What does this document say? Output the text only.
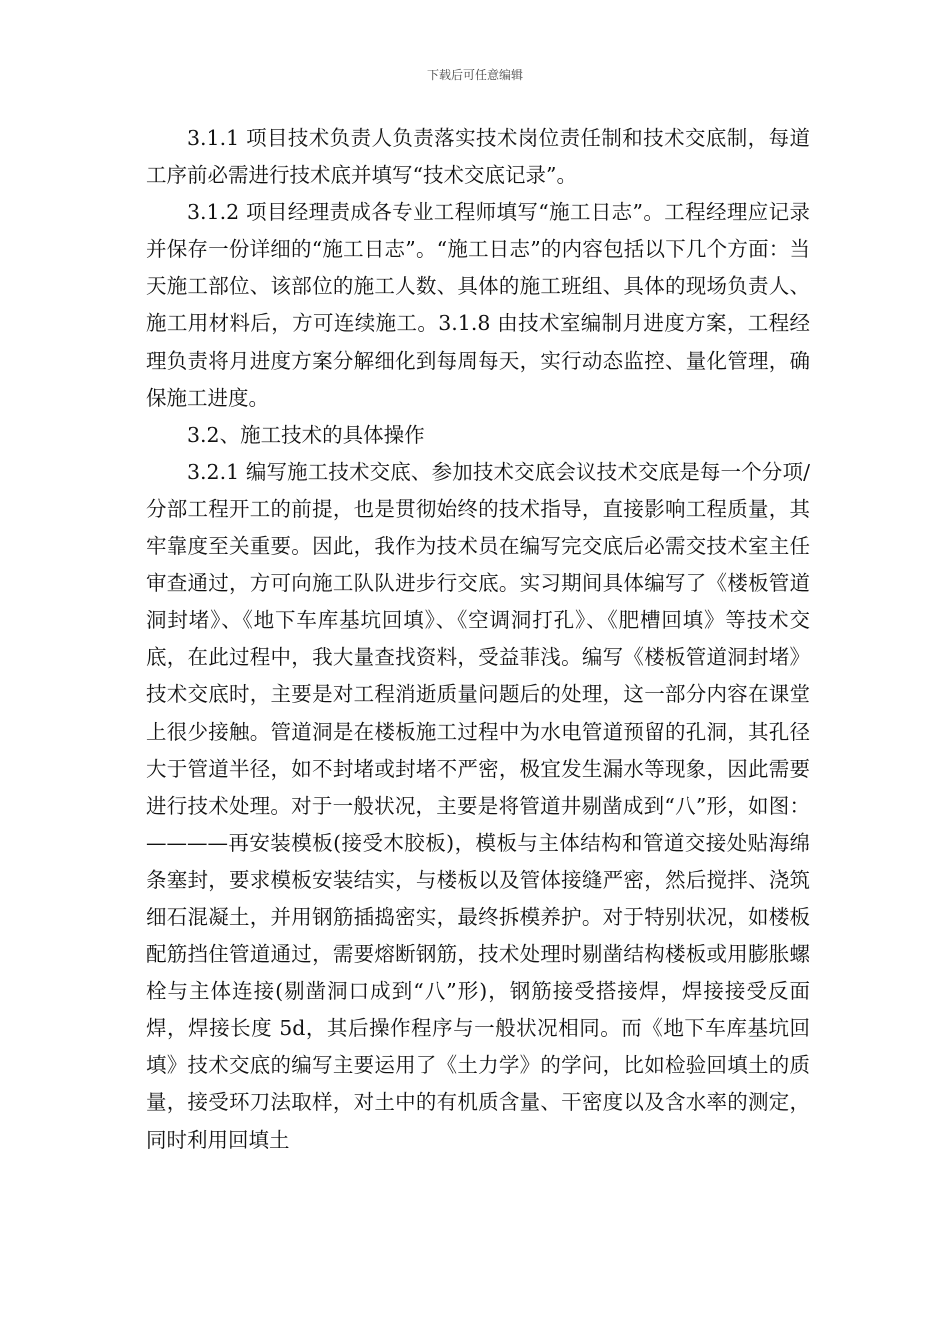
下载后可任意编辑

3.1.1 项目技术负责人负责落实技术岗位责任制和技术交底制，每道工序前必需进行技术底并填写“技术交底记录”。

3.1.2 项目经理责成各专业工程师填写“施工日志”。工程经理应记录并保存一份详细的“施工日志”。“施工日志”的内容包括以下几个方面：当天施工部位、该部位的施工人数、具体的施工班组、具体的现场负责人、施工用材料后，方可连续施工。3.1.8 由技术室编制月进度方案，工程经理负责将月进度方案分解细化到每周每天，实行动态监控、量化管理，确保施工进度。

3.2、施工技术的具体操作

3.2.1 编写施工技术交底、参加技术交底会议技术交底是每一个分项/分部工程开工的前提，也是贯彻始终的技术指导，直接影响工程质量，其牢靠度至关重要。因此，我作为技术员在编写完交底后必需交技术室主任审查通过，方可向施工队队进步行交底。实习期间具体编写了《楼板管道洞封堵》、《地下车库基坑回填》、《空调洞打孔》、《肥槽回填》等技术交底，在此过程中，我大量查找资料，受益菲浅。编写《楼板管道洞封堵》技术交底时，主要是对工程消逝质量问题后的处理，这一部分内容在课堂上很少接触。管道洞是在楼板施工过程中为水电管道预留的孔洞，其孔径大于管道半径，如不封堵或封堵不严密，极宜发生漏水等现象，因此需要进行技术处理。对于一般状况，主要是将管道井剔凿成到“八”形，如图：————再安装模板(接受木胶板)，模板与主体结构和管道交接处贴海绵条塞封，要求模板安装结实，与楼板以及管体接缝严密，然后搅拌、浇筑细石混凝土，并用钢筋插捣密实，最终拆模养护。对于特别状况，如楼板配筋挡住管道通过，需要熔断钢筋，技术处理时剔凿结构楼板或用膨胀螺栓与主体连接(剔凿洞口成到“八”形)，钢筋接受搭接焊，焊接接受反面焊，焊接长度 5d，其后操作程序与一般状况相同。而《地下车库基坑回填》技术交底的编写主要运用了《土力学》的学问，比如检验回填土的质量，接受环刀法取样，对土中的有机质含量、干密度以及含水率的测定，同时利用回填土
